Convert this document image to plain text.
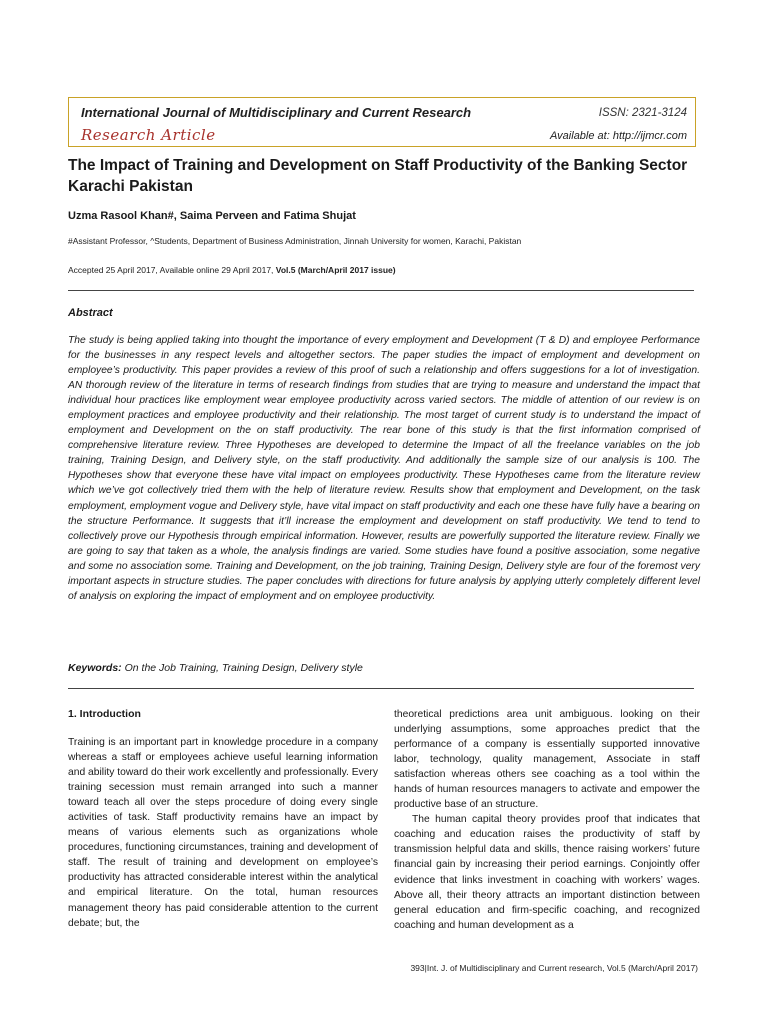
International Journal of Multidisciplinary and Current Research	ISSN: 2321-3124
Research Article	Available at: http://ijmcr.com
The Impact of Training and Development on Staff Productivity of the Banking Sector Karachi Pakistan
Uzma Rasool Khan#, Saima Perveen and Fatima Shujat
#Assistant Professor, ^Students, Department of Business Administration, Jinnah University for women, Karachi, Pakistan
Accepted 25 April 2017, Available online 29 April 2017, Vol.5 (March/April 2017 issue)
Abstract
The study is being applied taking into thought the importance of every employment and Development (T & D) and employee Performance for the businesses in any respect levels and altogether sectors. The paper studies the impact of employment and development on employee’s productivity. This paper provides a review of this proof of such a relationship and offers suggestions for a lot of investigation. AN thorough review of the literature in terms of research findings from studies that are trying to measure and understand the impact that individual hour practices like employment wear employee productivity across varied sectors. The middle of attention of our review is on employment practices and employee productivity and their relationship. The most target of current study is to understand the impact of employment and Development on the on staff productivity. The rear bone of this study is that the first information comprised of comprehensive literature review. Three Hypotheses are developed to determine the Impact of all the freelance variables on the job training, Training Design, and Delivery style, on the staff productivity. And additionally the sample size of our analysis is 100. The Hypotheses show that everyone these have vital impact on employees productivity. These Hypotheses came from the literature review which we’ve got collectively tried them with the help of literature review. Results show that employment and Development, on the task employment, employment vogue and Delivery style, have vital impact on staff productivity and each one these have fully have a bearing on the structure Performance. It suggests that it’ll increase the employment and development on staff productivity. We tend to tend to collectively prove our Hypothesis through empirical information. However, results are powerfully supported the literature review. Finally we are going to say that taken as a whole, the analysis findings are varied. Some studies have found a positive association, some negative and some no association some. Training and Development, on the job training, Training Design, Delivery style are four of the foremost very important aspects in structure studies. The paper concludes with directions for future analysis by applying utterly completely different level of analysis on exploring the impact of employment and on employee productivity.
Keywords: On the Job Training, Training Design, Delivery style
1. Introduction

Training is an important part in knowledge procedure in a company whereas a staff or employees achieve useful learning information and ability toward do their work excellently and professionally. Every training secession must remain arranged into such a manner toward teach all over the steps procedure of doing every single activities of task. Staff productivity remains have an impact by means of various elements such as organizations whole procedures, functioning circumstances, training and development of staff. The result of training and development on employee’s productivity has attracted considerable interest within the analytical and empirical literature. On the total, human resources management theory has paid considerable attention to the current debate; but, the

theoretical predictions area unit ambiguous. looking on their underlying assumptions, some approaches predict that the performance of a company is essentially supported innovative labor, technology, quality management, Associate in staff satisfaction whereas others see coaching as a tool within the hands of human resources managers to activate and empower the productive base of an structure.

The human capital theory provides proof that indicates that coaching and education raises the productivity of staff by transmission helpful data and skills, thence raising workers’ future financial gain by increasing their period earnings. Conjointly offer evidence that links investment in coaching with workers’ wages. Above all, their theory attracts an important distinction between general education and firm-specific coaching, and recognized coaching and human development as a

393|Int. J. of Multidisciplinary and Current research, Vol.5 (March/April 2017)
